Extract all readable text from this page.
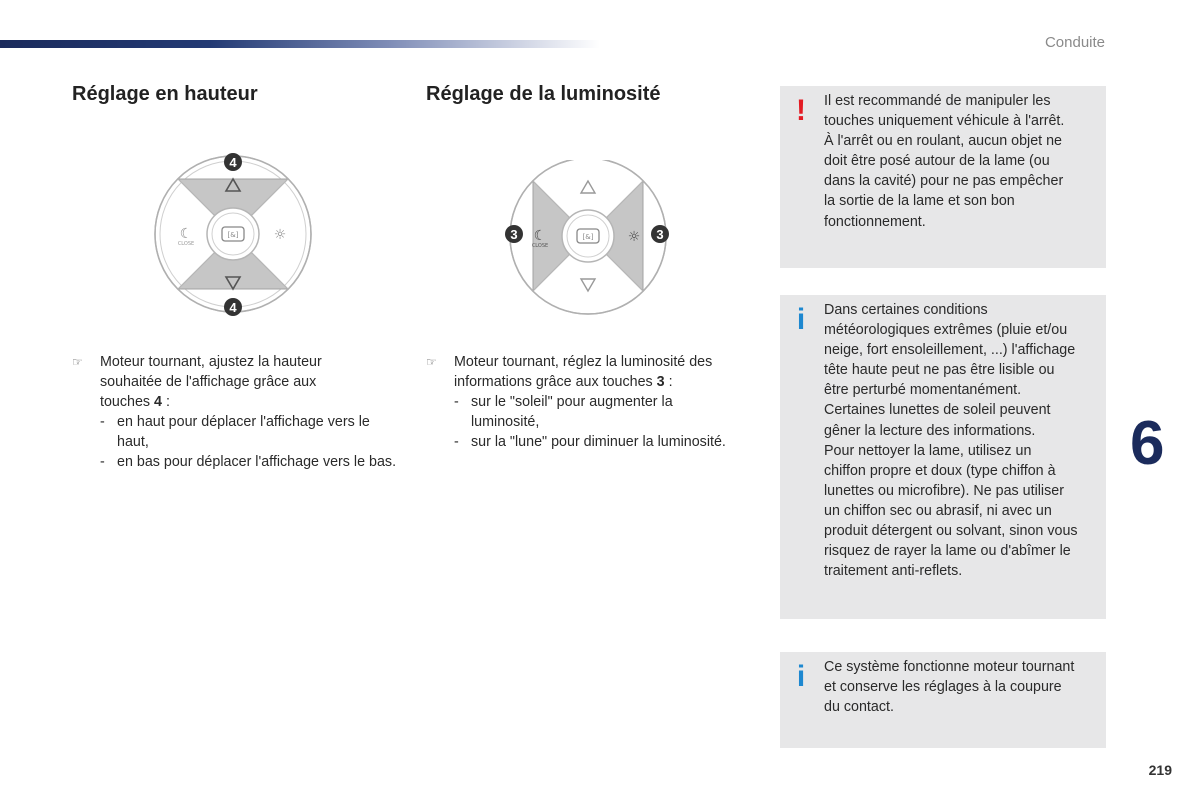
Conduite
Réglage en hauteur
[&]
☾
CLOSE
☼
4
4
☞ Moteur tournant, ajustez la hauteur

souhaitée de l'affichage grâce aux

touches 4 :

- en haut pour déplacer l'affichage vers le haut,
- en bas pour déplacer l'affichage vers le bas.
Réglage de la luminosité
[&]
☾
CLOSE
☼
3	3
☞ Moteur tournant, réglez la luminosité des

informations grâce aux touches 3 :

- sur le "soleil" pour augmenter la luminosité,
- sur la "lune" pour diminuer la luminosité.
!	Il est recommandé de manipuler les
touches uniquement véhicule à l'arrêt.
À l'arrêt ou en roulant, aucun objet ne
doit être posé autour de la lame (ou
dans la cavité) pour ne pas empêcher
la sortie de la lame et son bon
fonctionnement.
i	Dans certaines conditions
météorologiques extrêmes (pluie et/ou
neige, fort ensoleillement, ...) l'affichage
tête haute peut ne pas être lisible ou
être perturbé momentanément.
Certaines lunettes de soleil peuvent
gêner la lecture des informations.
Pour nettoyer la lame, utilisez un
chiffon propre et doux (type chiffon à
lunettes ou microfibre). Ne pas utiliser
un chiffon sec ou abrasif, ni avec un
produit détergent ou solvant, sinon vous
risquez de rayer la lame ou d'abîmer le
traitement anti-reflets.
i	Ce système fonctionne moteur tournant
et conserve les réglages à la coupure
du contact.
6
219
